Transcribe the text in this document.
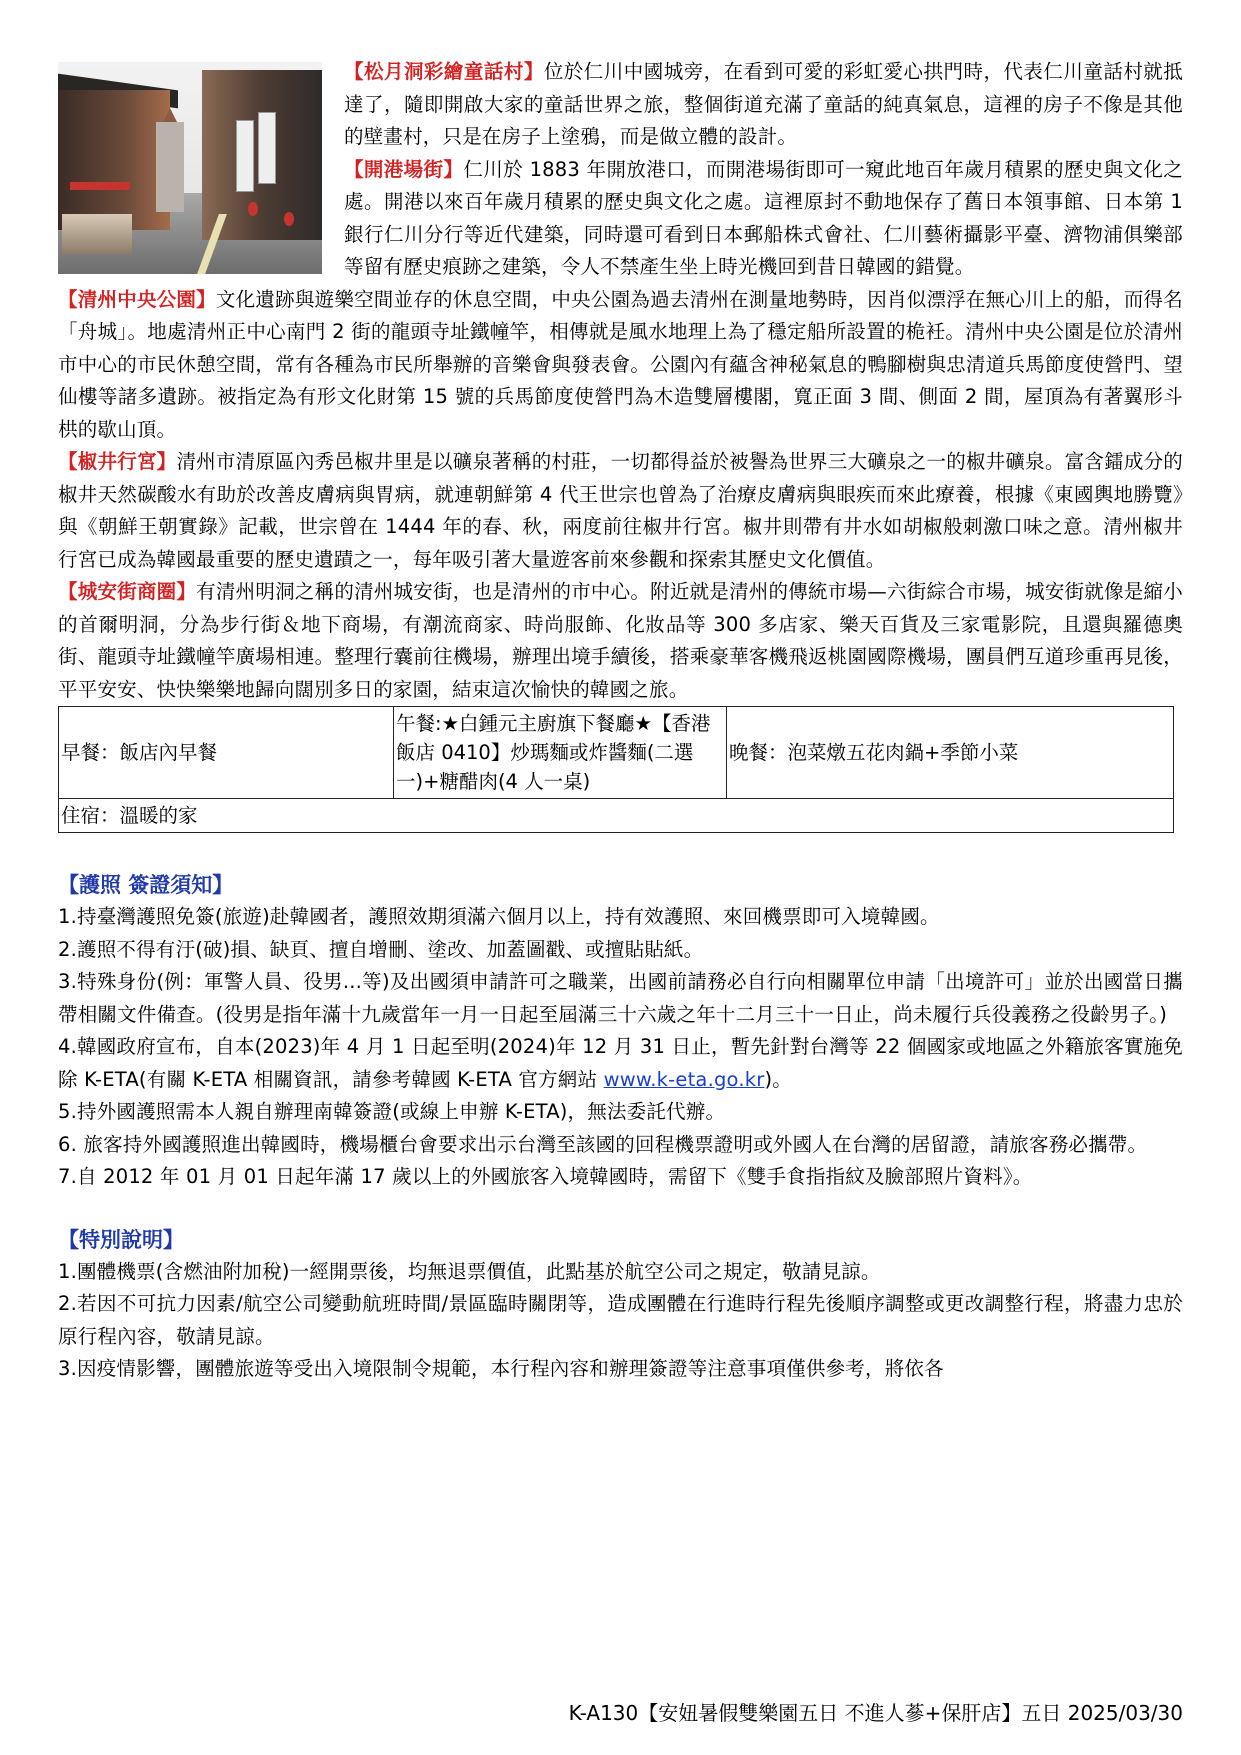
【松月洞彩繪童話村】位於仁川中國城旁，在看到可愛的彩虹愛心拱門時，代表仁川童話村就抵達了，隨即開啟大家的童話世界之旅，整個街道充滿了童話的純真氣息，這裡的房子不像是其他的壁畫村，只是在房子上塗鴉，而是做立體的設計。

【開港場街】仁川於 1883 年開放港口，而開港場街即可一窺此地百年歲月積累的歷史與文化之處。開港以來百年歲月積累的歷史與文化之處。這裡原封不動地保存了舊日本領事館、日本第 1 銀行仁川分行等近代建築，同時還可看到日本郵船株式會社、仁川藝術攝影平臺、濟物浦俱樂部等留有歷史痕跡之建築，令人不禁產生坐上時光機回到昔日韓國的錯覺。

【清州中央公園】文化遺跡與遊樂空間並存的休息空間，中央公園為過去清州在測量地勢時，因肖似漂浮在無心川上的船，而得名「舟城」。地處清州正中心南門 2 街的龍頭寺址鐵幢竿，相傳就是風水地理上為了穩定船所設置的桅衽。清州中央公園是位於清州市中心的市民休憩空間，常有各種為市民所舉辦的音樂會與發表會。公園內有蘊含神秘氣息的鴨腳樹與忠清道兵馬節度使營門、望仙樓等諸多遺跡。被指定為有形文化財第 15 號的兵馬節度使營門為木造雙層樓閣，寬正面 3 間、側面 2 間，屋頂為有著翼形斗栱的歇山頂。

【椒井行宮】清州市清原區內秀邑椒井里是以礦泉著稱的村莊，一切都得益於被譽為世界三大礦泉之一的椒井礦泉。富含鐳成分的椒井天然碳酸水有助於改善皮膚病與胃病，就連朝鮮第 4 代王世宗也曾為了治療皮膚病與眼疾而來此療養，根據《東國輿地勝覽》與《朝鮮王朝實錄》記載，世宗曾在 1444 年的春、秋，兩度前往椒井行宮。椒井則帶有井水如胡椒般刺激口味之意。清州椒井行宮已成為韓國最重要的歷史遺蹟之一，每年吸引著大量遊客前來參觀和探索其歷史文化價值。

【城安街商圈】有清州明洞之稱的清州城安街，也是清州的市中心。附近就是清州的傳統市場—六街綜合市場，城安街就像是縮小的首爾明洞，分為步行街＆地下商場，有潮流商家、時尚服飾、化妝品等 300 多店家、樂天百貨及三家電影院，且還與羅德奧街、龍頭寺址鐵幢竿廣場相連。整理行囊前往機場，辦理出境手續後，搭乘豪華客機飛返桃園國際機場，團員們互道珍重再見後，平平安安、快快樂樂地歸向闊別多日的家園，結束這次愉快的韓國之旅。

早餐：飯店內早餐	午餐:★白鍾元主廚旗下餐廳★【香港飯店 0410】炒瑪麵或炸醬麵(二選一)+糖醋肉(4 人一桌)	晚餐：泡菜燉五花肉鍋+季節小菜
住宿：溫暖的家

【護照 簽證須知】

1.持臺灣護照免簽(旅遊)赴韓國者，護照效期須滿六個月以上，持有效護照、來回機票即可入境韓國。

2.護照不得有汙(破)損、缺頁、擅自增刪、塗改、加蓋圖戳、或擅貼貼紙。

3.特殊身份(例：軍警人員、役男...等)及出國須申請許可之職業，出國前請務必自行向相關單位申請「出境許可」並於出國當日攜帶相關文件備查。(役男是指年滿十九歲當年一月一日起至屆滿三十六歲之年十二月三十一日止，尚未履行兵役義務之役齡男子。)

4.韓國政府宣布，自本(2023)年 4 月 1 日起至明(2024)年 12 月 31 日止，暫先針對台灣等 22 個國家或地區之外籍旅客實施免除 K-ETA(有關 K-ETA 相關資訊，請參考韓國 K-ETA 官方網站 www.k-eta.go.kr)。

5.持外國護照需本人親自辦理南韓簽證(或線上申辦 K-ETA)，無法委託代辦。

6. 旅客持外國護照進出韓國時，機場櫃台會要求出示台灣至該國的回程機票證明或外國人在台灣的居留證，請旅客務必攜帶。

7.自 2012 年 01 月 01 日起年滿 17 歲以上的外國旅客入境韓國時，需留下《雙手食指指紋及臉部照片資料》。

【特別說明】

1.團體機票(含燃油附加稅)一經開票後，均無退票價值，此點基於航空公司之規定，敬請見諒。

2.若因不可抗力因素/航空公司變動航班時間/景區臨時關閉等，造成團體在行進時行程先後順序調整或更改調整行程，將盡力忠於原行程內容，敬請見諒。

3.因疫情影響，團體旅遊等受出入境限制令規範，本行程內容和辦理簽證等注意事項僅供參考，將依各

K-A130【安妞暑假雙樂園五日 不進人蔘+保肝店】五日 2025/03/30
